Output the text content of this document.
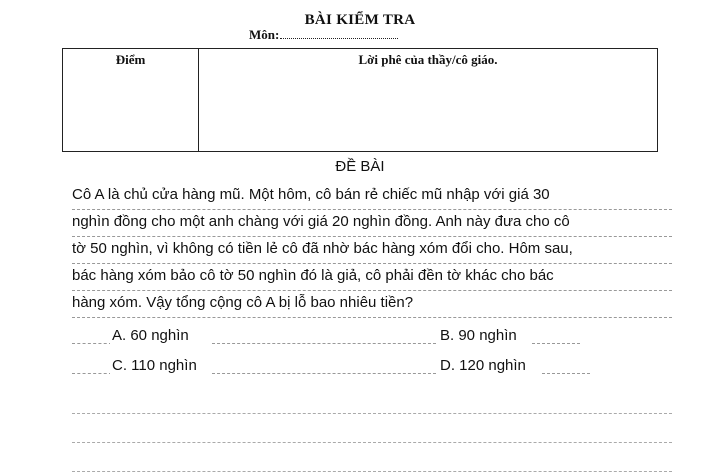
BÀI KIỂM TRA
Môn:
Điểm	Lời phê của thầy/cô giáo.
ĐỀ BÀI
Cô A là chủ cửa hàng mũ. Một hôm, cô bán rẻ chiếc mũ nhập với giá 30
nghìn đồng cho một anh chàng với giá 20 nghìn đồng. Anh này đưa cho cô
tờ 50 nghìn, vì không có tiền lẻ cô đã nhờ bác hàng xóm đổi cho. Hôm sau,
bác hàng xóm bảo cô tờ 50 nghìn đó là giả, cô phải đền tờ khác cho bác
hàng xóm. Vậy tổng cộng cô A bị lỗ bao nhiêu tiền?
A. 60 nghìn	B. 90 nghìn
C. 110 nghìn	D. 120 nghìn
